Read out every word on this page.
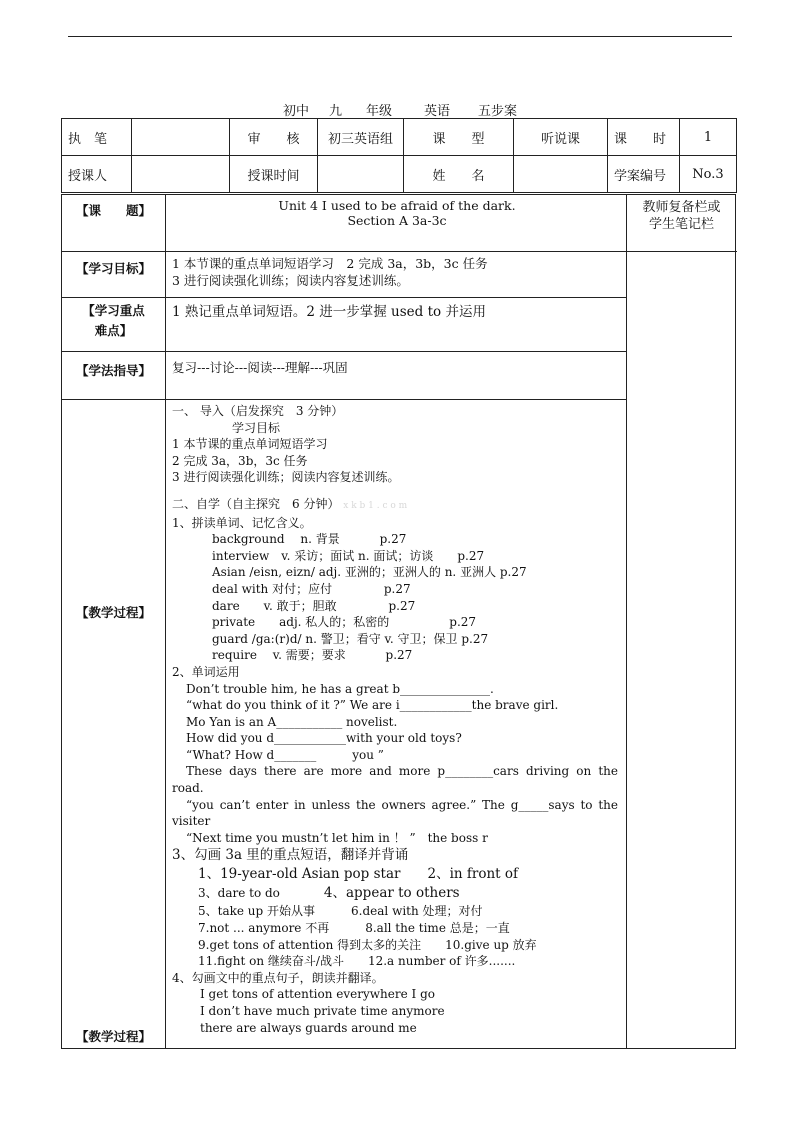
初中 九 年级 英语 五步案
执　笔		审　　核	初三英语组	课　　型	听说课	课　　时	1
授课人		授课时间		姓　　名		学案编号	No.3
【课　　题】	Unit 4 I used to be afraid of the dark.
Section A 3a-3c
教师复备栏或
学生笔记栏
【学习目标】	1 本节课的重点单词短语学习　2 完成 3a，3b，3c 任务
3 进行阅读强化训练；阅读内容复述训练。
【学习重点
难点】
1 熟记重点单词短语。2 进一步掌握 used to 并运用
【学法指导】	复习---讨论---阅读---理解---巩固
【教学过程】
【教学过程】
一、 导入（启发探究　3 分钟）
学习目标
1 本节课的重点单词短语学习
2 完成 3a，3b，3c 任务
3 进行阅读强化训练；阅读内容复述训练。
二、自学（自主探究　6 分钟） x k b 1 . c o m
1、拼读单词、记忆含义。
background　 n. 背景　　　 p.27
interview　v. 采访；面试 n. 面试；访谈　　p.27
Asian /eisn, eizn/ adj. 亚洲的；亚洲人的 n. 亚洲人 p.27
deal with 对付；应付　　　　 p.27
dare　　v. 敢于；胆敢　　　　 p.27
private　　adj. 私人的；私密的　　　　　p.27
guard /ga:(r)d/ n. 警卫；看守 v. 守卫；保卫 p.27
require　 v. 需要；要求　　　 p.27
2、单词运用
Don’t trouble him, he has a great b_______________.
“what do you think of it ?” We are i____________the brave girl.
Mo Yan is an A___________ novelist.
How did you d____________with your old toys?
“What? How d_______　　　you ”
These days there are more and more p________cars driving on the
road.
“you can’t enter in unless the owners agree.” The g_____says to the
visiter
“Next time you mustn’t let him in ！ ”　the boss r
3、勾画 3a 里的重点短语，翻译并背诵
1、19-year-old Asian pop star　　2、in front of
3、dare to do	4、appear to others
5、take up 开始从事　　　6.deal with 处理；对付
7.not ... anymore 不再　　　8.all the time 总是；一直
9.get tons of attention 得到太多的关注　　10.give up 放弃
11.fight on 继续奋斗/战斗　　12.a number of 许多.......
4、勾画文中的重点句子，朗读并翻译。
I get tons of attention everywhere I go
I don’t have much private time anymore
there are always guards around me
